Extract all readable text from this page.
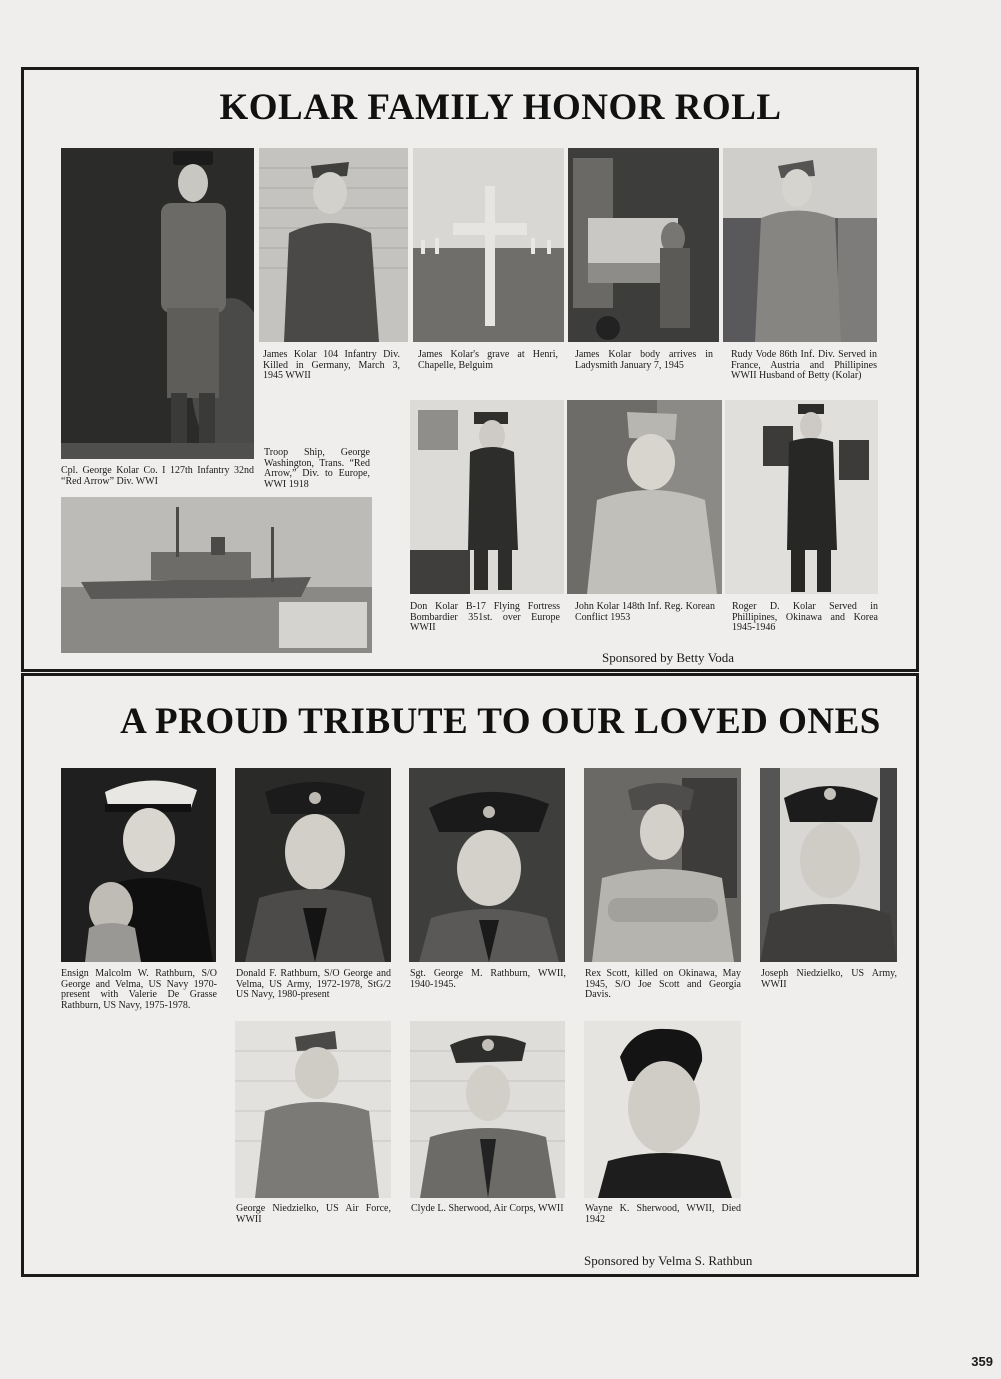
KOLAR FAMILY HONOR ROLL

Cpl. George Kolar Co. I 127th Infantry 32nd “Red Arrow” Div. WWI

James Kolar 104 Infantry Div. Killed in Germany, March 3, 1945 WWII

James Kolar's grave at Henri, Chapelle, Belguim

James Kolar body arrives in Ladysmith January 7, 1945

Rudy Vode 86th Inf. Div. Served in France, Austria and Phillipines WWII Husband of Betty (Kolar)

Troop Ship, George Washington, Trans. “Red Arrow,” Div. to Europe, WWI 1918

Don Kolar B-17 Flying Fortress Bombardier 351st. over Europe WWII

John Kolar 148th Inf. Reg. Korean Conflict 1953

Roger D. Kolar Served in Phillipines, Okinawa and Korea 1945-1946

Sponsored by Betty Voda
A PROUD TRIBUTE TO OUR LOVED ONES

Ensign Malcolm W. Rathburn, S/O George and Velma, US Navy 1970-present with Valerie De Grasse Rathburn, US Navy, 1975-1978.

Donald F. Rathburn, S/O George and Velma, US Army, 1972-1978, StG/2 US Navy, 1980-present

Sgt. George M. Rathburn, WWII, 1940-1945.

Rex Scott, killed on Okinawa, May 1945, S/O Joe Scott and Georgia Davis.

Joseph Niedzielko, US Army, WWII

George Niedzielko, US Air Force, WWII

Clyde L. Sherwood, Air Corps, WWII Wayne K. Sherwood, WWII, Died 1942

Sponsored by Velma S. Rathbun
359
